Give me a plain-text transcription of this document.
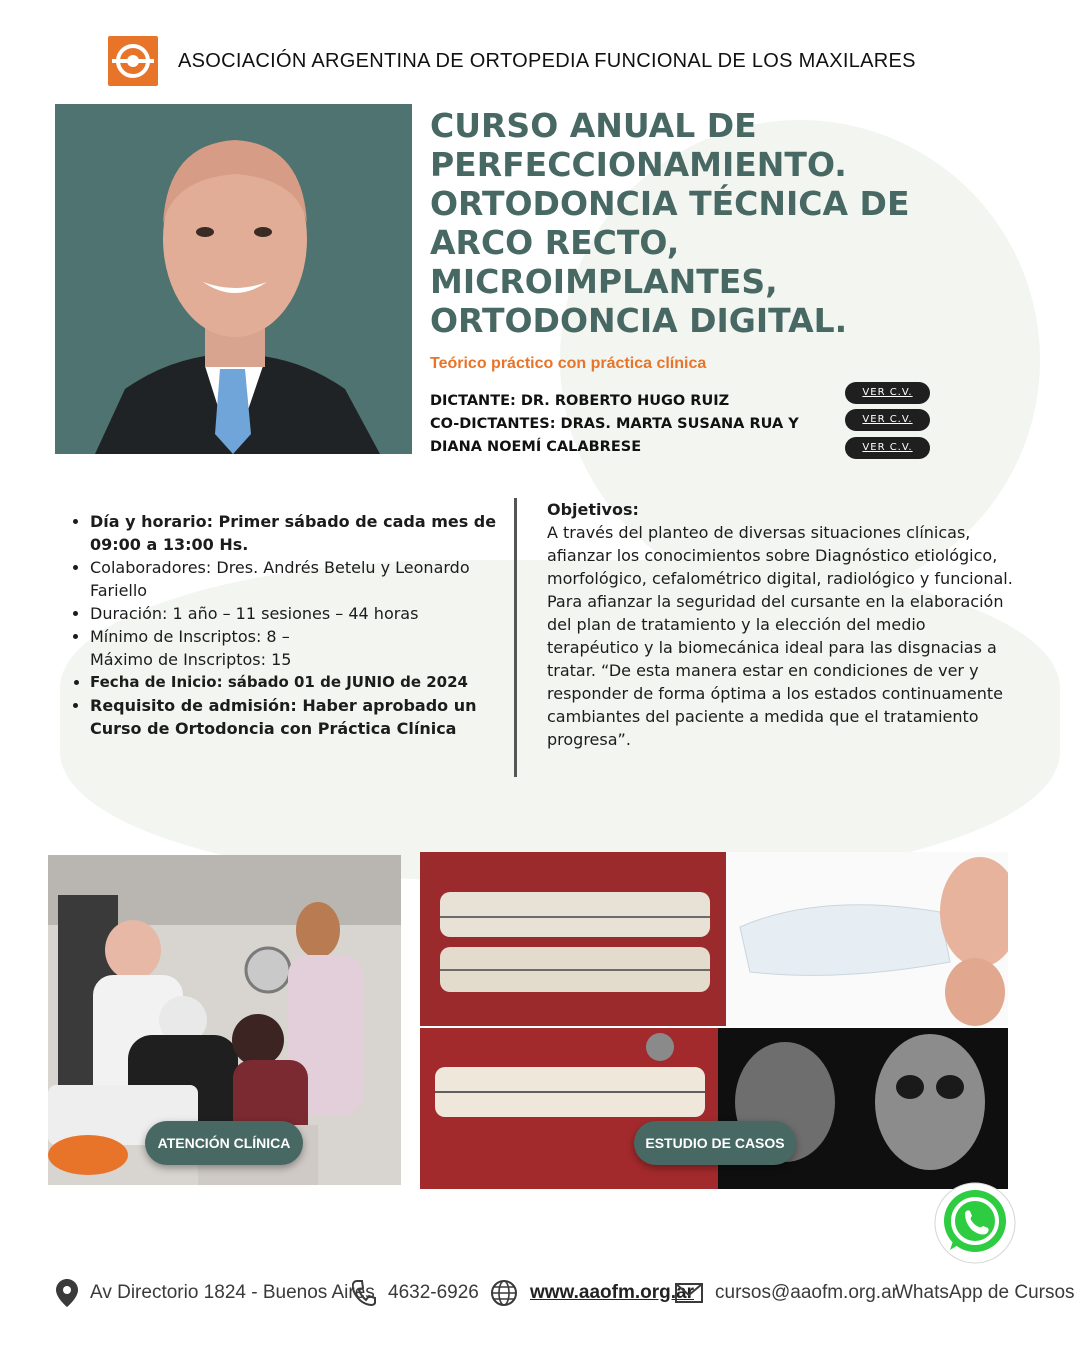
ASOCIACIÓN ARGENTINA DE ORTOPEDIA FUNCIONAL DE LOS MAXILARES
CURSO ANUAL DE
PERFECCIONAMIENTO.
ORTODONCIA TÉCNICA DE
ARCO RECTO,
MICROIMPLANTES,
ORTODONCIA DIGITAL.
Teórico práctico con práctica clínica
DICTANTE: DR. ROBERTO HUGO RUIZ
CO-DICTANTES: DRAS. MARTA SUSANA RUA Y
DIANA NOEMÍ CALABRESE
VER C.V.
VER C.V.
VER C.V.
• Día y horario: Primer sábado de cada mes de 09:00 a 13:00 Hs.
• Colaboradores: Dres. Andrés Betelu y Leonardo Fariello
• Duración: 1 año – 11 sesiones – 44 horas
• Mínimo de Inscriptos: 8 –
Máximo de Inscriptos: 15
• Fecha de Inicio: sábado 01 de JUNIO de 2024
• Requisito de admisión: Haber aprobado un Curso de Ortodoncia con Práctica Clínica
Objetivos:
A través del planteo de diversas situaciones clínicas, afianzar los conocimientos sobre Diagnóstico etiológico, morfológico, cefalométrico digital, radiológico y funcional. Para afianzar la seguridad del cursante en la elaboración del plan de tratamiento y la elección del medio terapéutico y la biomecánica ideal para las disgnacias a tratar. “De esta manera estar en condiciones de ver y responder de forma óptima a los estados continuamente cambiantes del paciente a medida que el tratamiento progresa”.
ATENCIÓN CLÍNICA	ESTUDIO DE CASOS
Av Directorio 1824 - Buenos Aires 4632-6926	www.aaofm.org.ar cursos@aaofm.org.ar
WhatsApp de Cursos
